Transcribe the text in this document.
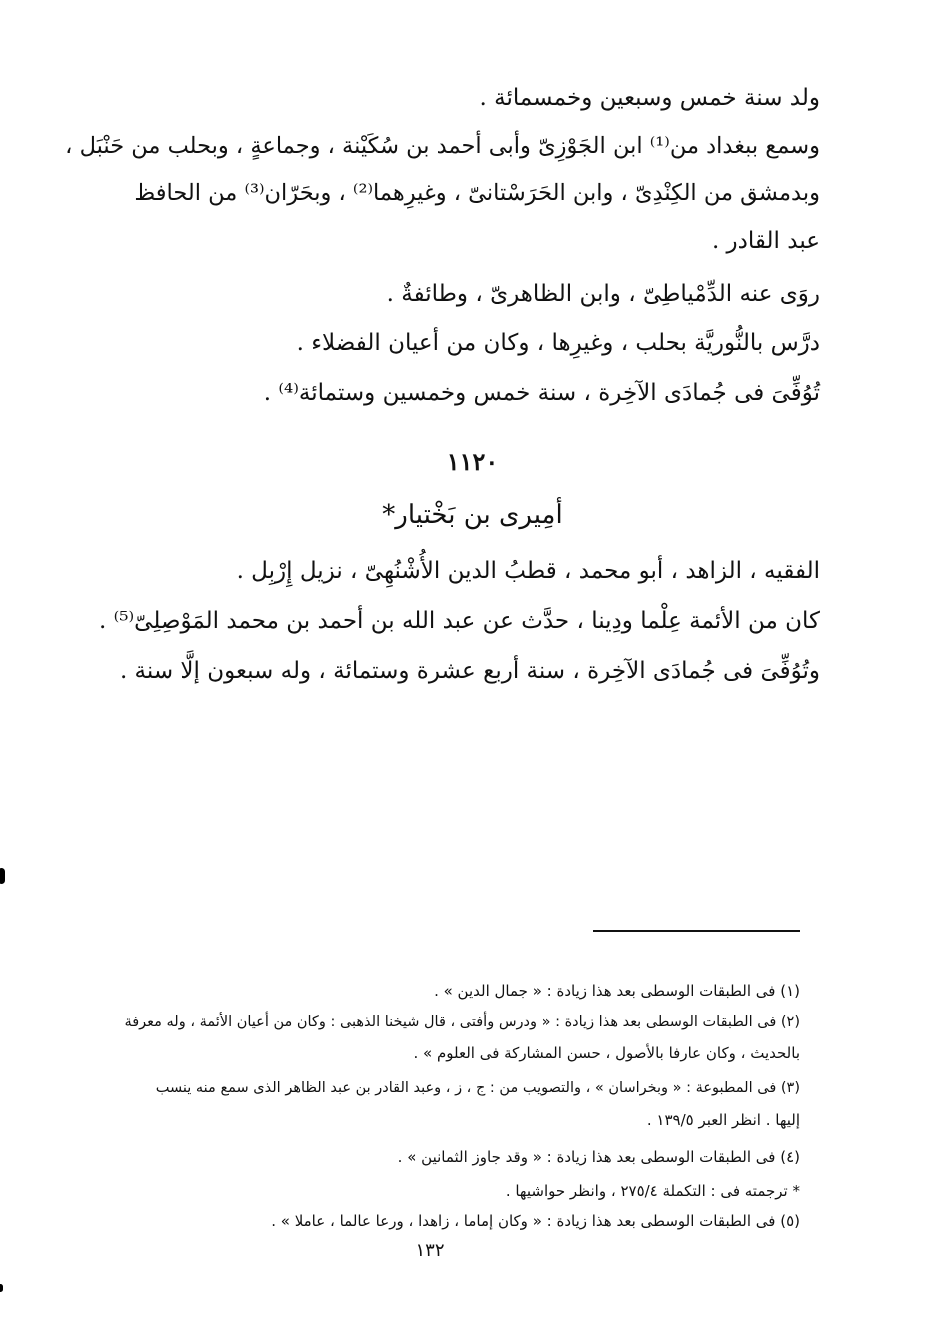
ولد سنة خمس وسبعين وخمسمائة .
وسمع ببغداد من⁽¹⁾ ابن الجَوْزِىّ وأبى أحمد بن سُكَيْنة ، وجماعةٍ ، وبحلب من حَنْبَل ،
وبدمشق من الكِنْدِىّ ، وابن الحَرَسْتانىّ ، وغيرِهما⁽²⁾ ، وبحَرّان⁽³⁾ من الحافظ
عبد القادر .
روَى عنه الدِّمْياطِىّ ، وابن الظاهرىّ ، وطائفةٌ .
درَّس بالنُّوريَّة بحلب ، وغيرِها ، وكان من أعيان الفضلاء .
تُوُفِّىَ فى جُمادَى الآخِرة ، سنة خمس وخمسين وستمائة⁽⁴⁾ .
١١٢٠
أمِيرى بن بَخْتيار*
الفقيه ، الزاهد ، أبو محمد ، قطبُ الدين الأُشْنُهِىّ ، نزيل إِرْبِل .
كان من الأئمة عِلْما ودِينا ، حدَّث عن عبد الله بن أحمد بن محمد المَوْصِلِىّ⁽⁵⁾ .
وتُوُفِّىَ فى جُمادَى الآخِرة ، سنة أربع عشرة وستمائة ، وله سبعون إلَّا سنة .
(١) فى الطبقات الوسطى بعد هذا زيادة : « جمال الدين » .
(٢) فى الطبقات الوسطى بعد هذا زيادة : « ودرس وأفتى ، قال شيخنا الذهبى : وكان من أعيان الأئمة ، وله معرفة
بالحديث ، وكان عارفا بالأصول ، حسن المشاركة فى العلوم » .
(٣) فى المطبوعة : « وبخراسان » ، والتصويب من : ج ، ز ، وعبد القادر بن عبد الظاهر الذى سمع منه ينسب
إليها . انظر العبر ١٣٩/٥ .
(٤) فى الطبقات الوسطى بعد هذا زيادة : « وقد جاوز الثمانين » .
* ترجمته فى : التكملة ٢٧٥/٤ ، وانظر حواشيها .
(٥) فى الطبقات الوسطى بعد هذا زيادة : « وكان إماما ، زاهدا ، ورعا عالما ، عاملا » .
١٣٢
